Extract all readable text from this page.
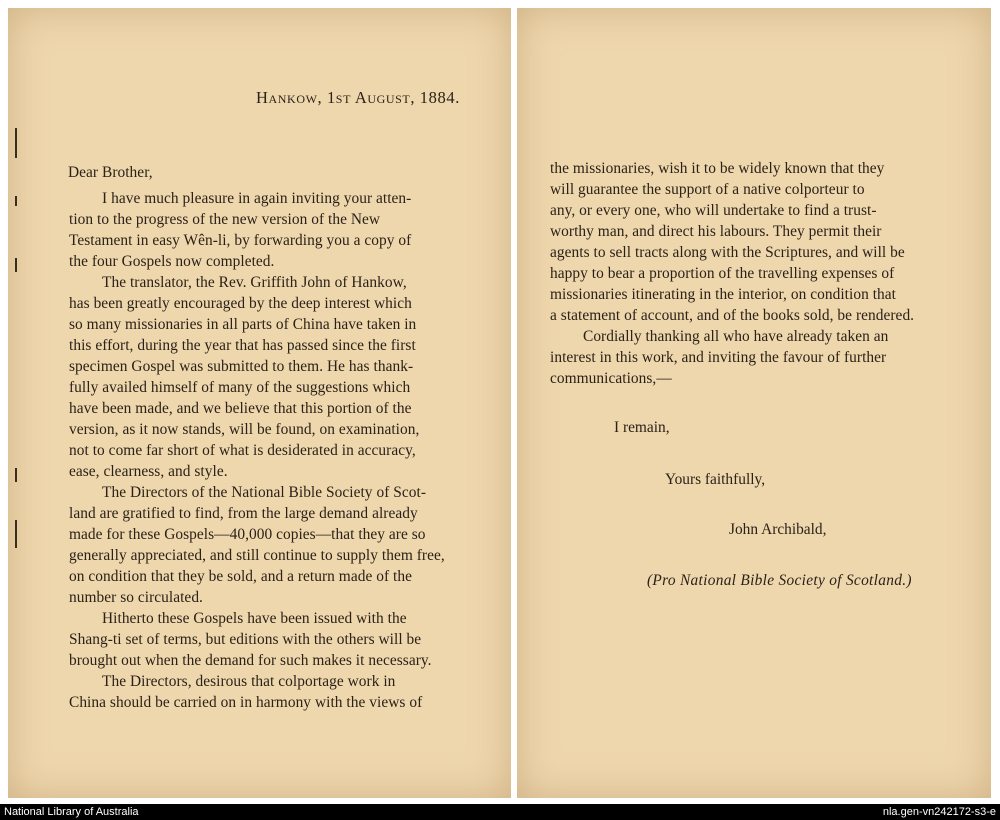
Hankow, 1st August, 1884.
Dear Brother,
I have much pleasure in again inviting your atten-
tion to the progress of the new version of the New
Testament in easy Wên-li, by forwarding you a copy of
the four Gospels now completed.
The translator, the Rev. Griffith John of Hankow,
has been greatly encouraged by the deep interest which
so many missionaries in all parts of China have taken in
this effort, during the year that has passed since the first
specimen Gospel was submitted to them. He has thank-
fully availed himself of many of the suggestions which
have been made, and we believe that this portion of the
version, as it now stands, will be found, on examination,
not to come far short of what is desiderated in accuracy,
ease, clearness, and style.
The Directors of the National Bible Society of Scot-
land are gratified to find, from the large demand already
made for these Gospels—40,000 copies—that they are so
generally appreciated, and still continue to supply them free,
on condition that they be sold, and a return made of the
number so circulated.
Hitherto these Gospels have been issued with the
Shang-ti set of terms, but editions with the others will be
brought out when the demand for such makes it necessary.
The Directors, desirous that colportage work in
China should be carried on in harmony with the views of
the missionaries, wish it to be widely known that they
will guarantee the support of a native colporteur to
any, or every one, who will undertake to find a trust-
worthy man, and direct his labours. They permit their
agents to sell tracts along with the Scriptures, and will be
happy to bear a proportion of the travelling expenses of
missionaries itinerating in the interior, on condition that
a statement of account, and of the books sold, be rendered.
Cordially thanking all who have already taken an
interest in this work, and inviting the favour of further
communications,—
I remain,
Yours faithfully,
John Archibald,
(Pro National Bible Society of Scotland.)
National Library of Australia	nla.gen-vn242172-s3-e
